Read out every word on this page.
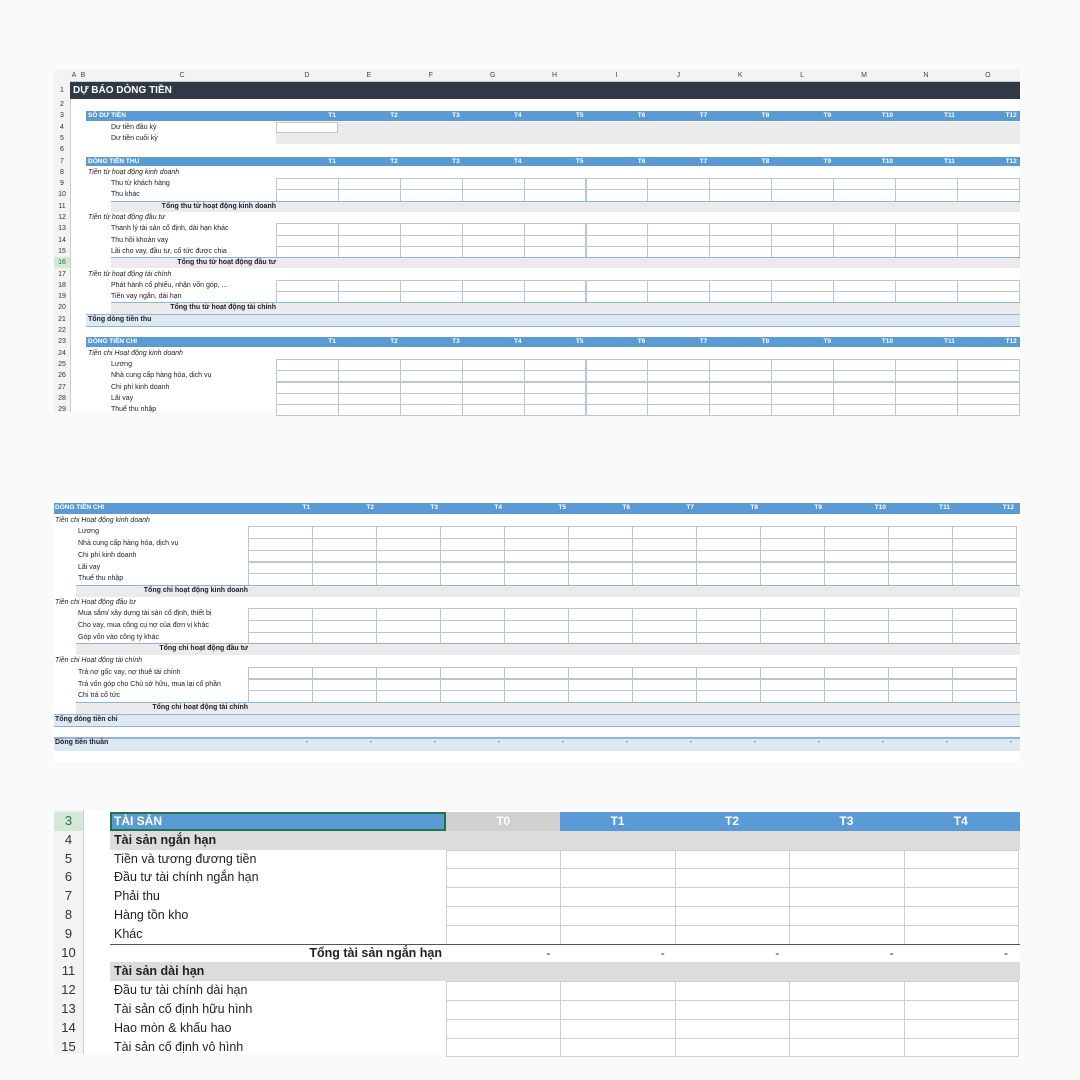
A B	C	D	E	F	G	H	I	J	K	L	M	N	O
DỰ BÁO DÒNG TIỀN
1
2
3	SỐ DƯ TIỀN	T1	T2	T3	T4	T5	T6	T7	T8	T9	T10	T11	T12
4	Dư tiền đầu kỳ
5	Dư tiền cuối kỳ
6
7	DÒNG TIỀN THU	T1	T2	T3	T4	T5	T6	T7	T8	T9	T10	T11	T12
8	Tiền từ hoạt động kinh doanh
9	Thu từ khách hàng
10	Thu khác
11	Tổng thu từ hoạt động kinh doanh
12	Tiền từ hoạt động đầu tư
13	Thanh lý tài sản cố định, dài hạn khác
14	Thu hồi khoản vay
15	Lãi cho vay, đầu tư, cổ tức được chia
16	Tổng thu từ hoạt động đầu tư
17	Tiền từ hoạt động tài chính
18	Phát hành cổ phiếu, nhận vốn góp, ...
19	Tiền vay ngắn, dài hạn
20	Tổng thu từ hoạt động tài chính
21	Tổng dòng tiền thu
22
23	DÒNG TIỀN CHI	T1	T2	T3	T4	T5	T6	T7	T8	T9	T10	T11	T12
24	Tiền chi Hoạt động kinh doanh
25	Lương
26	Nhà cung cấp hàng hóa, dịch vụ
27	Chi phí kinh doanh
28	Lãi vay
29	Thuế thu nhập
DÒNG TIỀN CHI	T1	T2	T3	T4	T5	T6	T7	T8	T9	T10	T11	T12
Tiền chi Hoạt động kinh doanh
Lương
Nhà cung cấp hàng hóa, dịch vụ
Chi phí kinh doanh
Lãi vay
Thuế thu nhập
Tổng chi hoạt động kinh doanh
Tiền chi Hoạt động đầu tư
Mua sắm/ xây dựng tài sản cố định, thiết bị
Cho vay, mua công cụ nợ của đơn vị khác
Góp vốn vào công ty khác
Tổng chi hoạt động đầu tư
Tiền chi Hoạt động tài chính
Trả nợ gốc vay, nợ thuê tài chính
Trả vốn góp cho Chủ sở hữu, mua lại cổ phần
Chi trả cổ tức
Tổng chi hoạt động tài chính
Tổng dòng tiền chi
Dòng tiền thuần	-	-	-	-	-	-	-	-	-	-	-	-
3	TÀI SẢN	T0	T1	T2	T3	T4
4	Tài sản ngắn hạn
5	Tiền và tương đương tiền
6	Đầu tư tài chính ngắn hạn
7	Phải thu
8	Hàng tồn kho
9	Khác
10	Tổng tài sản ngắn hạn	-	-	-	-	-
11	Tài sản dài hạn
12	Đầu tư tài chính dài hạn
13	Tài sản cố định hữu hình
14	Hao mòn & khấu hao
15	Tài sản cố định vô hình
